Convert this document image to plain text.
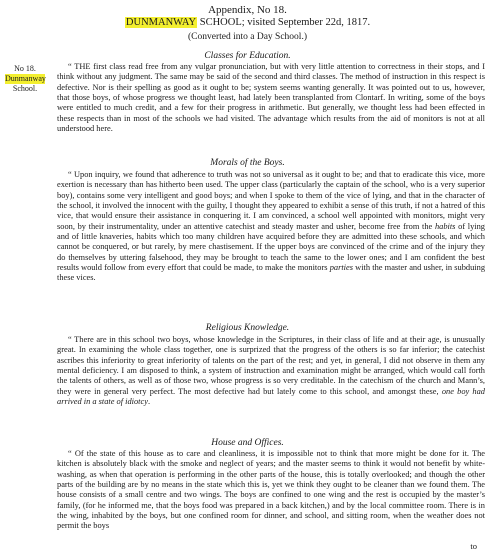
Appendix, No 18.
DUNMANWAY SCHOOL; visited September 22d, 1817.
(Converted into a Day School.)
No 18.
Dunmanway
School.
Classes for Education.

“ THE first class read free from any vulgar pronunciation, but with very little attention to correctness in their stops, and I think without any judgment. The same may be said of the second and third classes. The method of instruction in this respect is defective. Nor is their spelling as good as it ought to be; system seems wanting generally. It was pointed out to us, however, that those boys, of whose progress we thought least, had lately been transplanted from Clontarf. In writing, some of the boys were entitled to much credit, and a few for their progress in arithmetic. But generally, we thought less had been effected in these respects than in most of the schools we had visited. The advantage which results from the aid of monitors is not at all understood here.

Morals of the Boys.

“ Upon inquiry, we found that adherence to truth was not so universal as it ought to be; and that to eradicate this vice, more exertion is necessary than has hitherto been used. The upper class (particularly the captain of the school, who is a very superior boy), contains some very intelligent and good boys; and when I spoke to them of the vice of lying, and that in the character of the school, it involved the innocent with the guilty, I thought they appeared to exhibit a sense of this truth, if not a hatred of this vice, that would ensure their assistance in conquering it. I am convinced, a school well appointed with monitors, might very soon, by their instrumentality, under an attentive catechist and steady master and usher, become free from the habits of lying and of little knaveries, habits which too many children have acquired before they are admitted into these schools, and which cannot be conquered, or but rarely, by mere chastisement. If the upper boys are convinced of the crime and of the injury they do themselves by uttering falsehood, they may be brought to teach the same to the lower ones; and I am confident the best results would follow from every effort that could be made, to make the monitors parties with the master and usher, in subduing these vices.

Religious Knowledge.

“ There are in this school two boys, whose knowledge in the Scriptures, in their class of life and at their age, is unusually great. In examining the whole class together, one is surprized that the progress of the others is so far inferior; the catechist ascribes this inferiority to great inferiority of talents on the part of the rest; and yet, in general, I did not observe in them any mental deficiency. I am disposed to think, a system of instruction and examination might be arranged, which would call forth the talents of others, as well as of those two, whose progress is so very creditable. In the catechism of the church and Mann’s, they were in general very perfect. The most defective had but lately come to this school, and amongst these, one boy had arrived in a state of idiotcy.

House and Offices.

“ Of the state of this house as to care and cleanliness, it is impossible not to think that more might be done for it. The kitchen is absolutely black with the smoke and neglect of years; and the master seems to think it would not benefit by white-washing, as when that operation is performing in the other parts of the house, this is totally overlooked; and though the other parts of the building are by no means in the state which this is, yet we think they ought to be cleaner than we found them. The house consists of a small centre and two wings. The boys are confined to one wing and the rest is occupied by the master’s family, (for he informed me, that the boys food was prepared in a back kitchen,) and by the local committee room. There is in the wing, inhabited by the boys, but one confined room for dinner, and school, and sitting room, when the weather does not permit the boys

to
